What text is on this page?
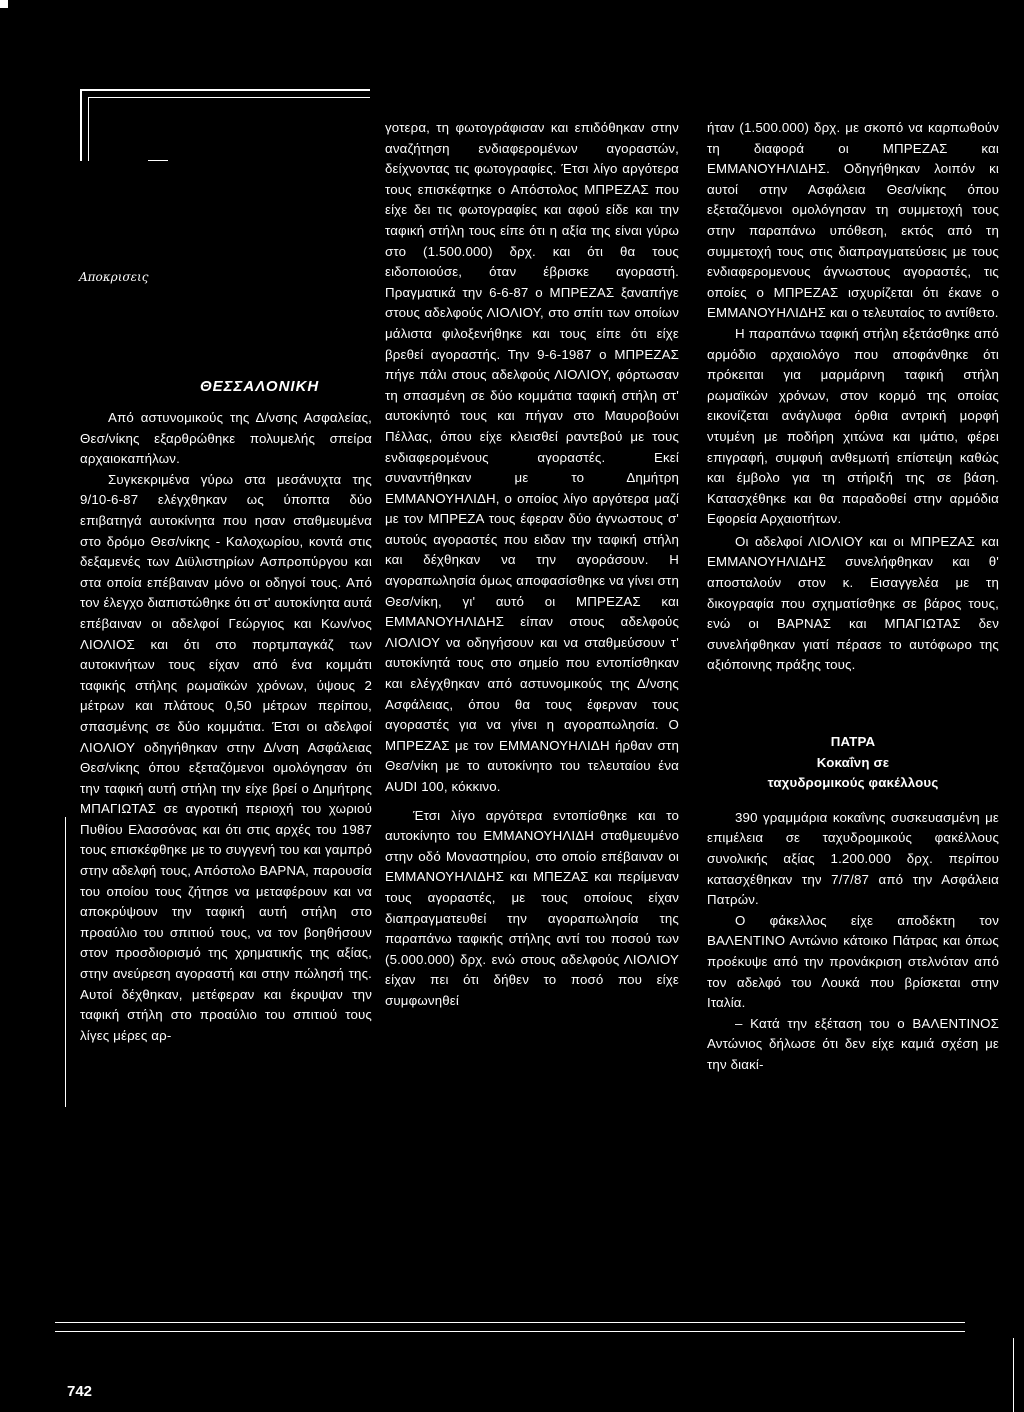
Αποκρισεις
ΘΕΣΣΑΛΟΝΙΚΗ

Από αστυνομικούς της Δ/νσης Ασφαλείας, Θεσ/νίκης εξαρθρώθηκε πολυμελής σπείρα αρχαιοκαπήλων.

Συγκεκριμένα γύρω στα μεσάνυχτα της 9/10-6-87 ελέγχθηκαν ως ύποπτα δύο επιβατηγά αυτοκίνητα που ησαν σταθμευμένα στο δρόμο Θεσ/νίκης - Καλοχωρίου, κοντά στις δεξαμενές των Διϋλιστηρίων Ασπροπύργου και στα οποία επέβαιναν μόνο οι οδηγοί τους. Από τον έλεγχο διαπιστώθηκε ότι στ' αυτοκίνητα αυτά επέβαιναν οι αδελφοί Γεώργιος και Κων/νος ΛΙΟΛΙΟΣ και ότι στο πορτμπαγκάζ των αυτοκινήτων τους είχαν από ένα κομμάτι ταφικής στήλης ρωμαϊκών χρόνων, ύψους 2 μέτρων και πλάτους 0,50 μέτρων περίπου, σπασμένης σε δύο κομμάτια. Έτσι οι αδελφοί ΛΙΟΛΙΟΥ οδηγήθηκαν στην Δ/νση Ασφάλειας Θεσ/νίκης όπου εξεταζόμενοι ομολόγησαν ότι την ταφική αυτή στήλη την είχε βρεί ο Δημήτρης ΜΠΑΓΙΩΤΑΣ σε αγροτική περιοχή του χωριού Πυθίου Ελασσόνας και ότι στις αρχές του 1987 τους επισκέφθηκε με το συγγενή του και γαμπρό στην αδελφή τους, Απόστολο ΒΑΡΝΑ, παρουσία του οποίου τους ζήτησε να μεταφέρουν και να αποκρύψουν την ταφική αυτή στήλη στο προαύλιο του σπιτιού τους, να τον βοηθήσουν στον προσδιορισμό της χρηματικής της αξίας, στην ανεύρεση αγοραστή και στην πώλησή της. Αυτοί δέχθηκαν, μετέφεραν και έκρυψαν την ταφική στήλη στο προαύλιο του σπιτιού τους λίγες μέρες αρ-

γοτερα, τη φωτογράφισαν και επιδόθηκαν στην αναζήτηση ενδιαφερομένων αγοραστών, δείχνοντας τις φωτογραφίες. Έτσι λίγο αργότερα τους επισκέφτηκε ο Απόστολος ΜΠΡΕΖΑΣ που είχε δει τις φωτογραφίες και αφού είδε και την ταφική στήλη τους είπε ότι η αξία της είναι γύρω στο (1.500.000) δρχ. και ότι θα τους ειδοποιούσε, όταν έβρισκε αγοραστή. Πραγματικά την 6-6-87 ο ΜΠΡΕΖΑΣ ξαναπήγε στους αδελφούς ΛΙΟΛΙΟΥ, στο σπίτι των οποίων μάλιστα φιλοξενήθηκε και τους είπε ότι είχε βρεθεί αγοραστής. Την 9-6-1987 ο ΜΠΡΕΖΑΣ πήγε πάλι στους αδελφούς ΛΙΟΛΙΟΥ, φόρτωσαν τη σπασμένη σε δύο κομμάτια ταφική στήλη στ' αυτοκίνητό τους και πήγαν στο Μαυροβούνι Πέλλας, όπου είχε κλεισθεί ραντεβού με τους ενδιαφερομένους αγοραστές. Εκεί συναντήθηκαν με το Δημήτρη ΕΜΜΑΝΟΥΗΛΙΔΗ, ο οποίος λίγο αργότερα μαζί με τον ΜΠΡΕΖΑ τους έφεραν δύο άγνωστους σ' αυτούς αγοραστές που ειδαν την ταφική στήλη και δέχθηκαν να την αγοράσουν. Η αγοραπωλησία όμως αποφασίσθηκε να γίνει στη Θεσ/νίκη, γι' αυτό οι ΜΠΡΕΖΑΣ και ΕΜΜΑΝΟΥΗΛΙΔΗΣ είπαν στους αδελφούς ΛΙΟΛΙΟΥ να οδηγήσουν και να σταθμεύσουν τ' αυτοκίνητά τους στο σημείο που εντοπίσθηκαν και ελέγχθηκαν από αστυνομικούς της Δ/νσης Ασφάλειας, όπου θα τους έφερναν τους αγοραστές για να γίνει η αγοραπωλησία. Ο ΜΠΡΕΖΑΣ με τον ΕΜΜΑΝΟΥΗΛΙΔΗ ήρθαν στη Θεσ/νίκη με το αυτοκίνητο του τελευταίου ένα AUDI 100, κόκκινο.

Έτσι λίγο αργότερα εντοπίσθηκε και το αυτοκίνητο του ΕΜΜΑΝΟΥΗΛΙΔΗ σταθμευμένο στην οδό Μοναστηρίου, στο οποίο επέβαιναν οι ΕΜΜΑΝΟΥΗΛΙΔΗΣ και ΜΠΕΖΑΣ και περίμεναν τους αγοραστές, με τους οποίους είχαν διαπραγματευθεί την αγοραπωλησία της παραπάνω ταφικής στήλης αντί του ποσού των (5.000.000) δρχ. ενώ στους αδελφούς ΛΙΟΛΙΟΥ είχαν πει ότι δήθεν το ποσό που είχε συμφωνηθεί

ήταν (1.500.000) δρχ. με σκοπό να καρπωθούν τη διαφορά οι ΜΠΡΕΖΑΣ και ΕΜΜΑΝΟΥΗΛΙΔΗΣ. Οδηγήθηκαν λοιπόν κι αυτοί στην Ασφάλεια Θεσ/νίκης όπου εξεταζόμενοι ομολόγησαν τη συμμετοχή τους στην παραπάνω υπόθεση, εκτός από τη συμμετοχή τους στις διαπραγματεύσεις με τους ενδιαφερομενους άγνωστους αγοραστές, τις οποίες ο ΜΠΡΕΖΑΣ ισχυρίζεται ότι έκανε ο ΕΜΜΑΝΟΥΗΛΙΔΗΣ και ο τελευταίος το αντίθετο.

Η παραπάνω ταφική στήλη εξετάσθηκε από αρμόδιο αρχαιολόγο που αποφάνθηκε ότι πρόκειται για μαρμάρινη ταφική στήλη ρωμαϊκών χρόνων, στον κορμό της οποίας εικονίζεται ανάγλυφα όρθια αντρική μορφή ντυμένη με ποδήρη χιτώνα και ιμάτιο, φέρει επιγραφή, συμφυή ανθεμωτή επίστεψη καθώς και έμβολο για τη στήριξή της σε βάση. Κατασχέθηκε και θα παραδοθεί στην αρμόδια Εφορεία Αρχαιοτήτων.

Οι αδελφοί ΛΙΟΛΙΟΥ και οι ΜΠΡΕΖΑΣ και ΕΜΜΑΝΟΥΗΛΙΔΗΣ συνελήφθηκαν και θ' αποσταλούν στον κ. Εισαγγελέα με τη δικογραφία που σχηματίσθηκε σε βάρος τους, ενώ οι ΒΑΡΝΑΣ και ΜΠΑΓΙΩΤΑΣ δεν συνελήφθηκαν γιατί πέρασε το αυτόφωρο της αξιόποινης πράξης τους.

ΠΑΤΡΑ

Κοκαΐνη σε

ταχυδρομικούς φακέλλους

390 γραμμάρια κοκαΐνης συσκευασμένη με επιμέλεια σε ταχυδρομικούς φακέλλους συνολικής αξίας 1.200.000 δρχ. περίπου κατασχέθηκαν την 7/7/87 από την Ασφάλεια Πατρών.

Ο φάκελλος είχε αποδέκτη τον ΒΑΛΕΝΤΙΝΟ Αντώνιο κάτοικο Πάτρας και όπως προέκυψε από την προνάκριση στελνόταν από τον αδελφό του Λουκά που βρίσκεται στην Ιταλία.

– Κατά την εξέταση του ο ΒΑΛΕΝΤΙΝΟΣ Αντώνιος δήλωσε ότι δεν είχε καμιά σχέση με την διακί-

742
